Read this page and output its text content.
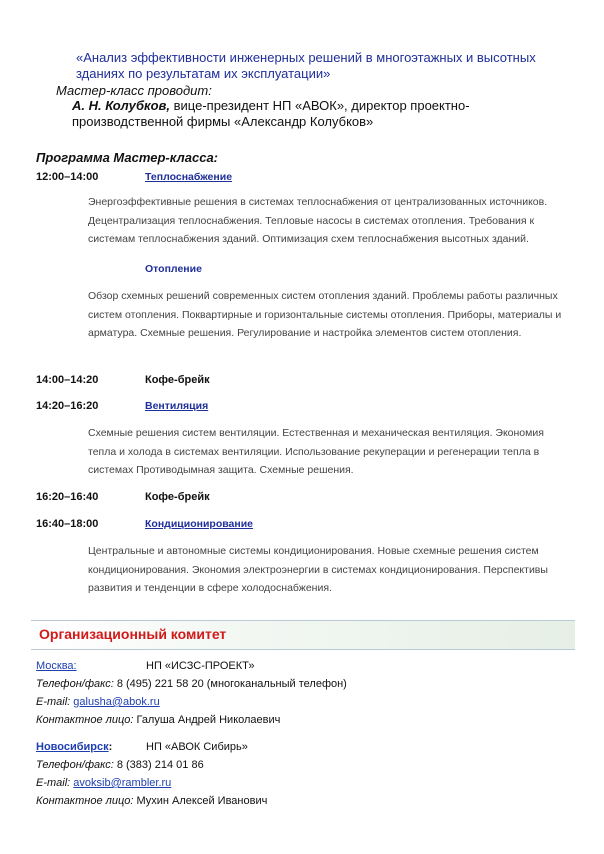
«Анализ эффективности инженерных решений в многоэтажных и высотных зданиях по результатам их эксплуатации»
Мастер-класс проводит:
А. Н. Колубков, вице-президент НП «АВОК», директор проектно-производственной фирмы «Александр Колубков»
Программа Мастер-класса:
12:00–14:00	Теплоснабжение
Энергоэффективные решения в системах теплоснабжения от централизованных источников. Децентрализация теплоснабжения. Тепловые насосы в системах отопления. Требования к системам теплоснабжения зданий. Оптимизация схем теплоснабжения высотных зданий.
Отопление
Обзор схемных решений современных систем отопления зданий. Проблемы работы различных систем отопления. Поквартирные и горизонтальные системы отопления. Приборы, материалы и арматура. Схемные решения. Регулирование и настройка элементов систем отопления.
14:00–14:20	Кофе-брейк
14:20–16:20	Вентиляция
Схемные решения систем вентиляции. Естественная и механическая вентиляция. Экономия тепла и холода в системах вентиляции. Использование рекуперации и регенерации тепла в системах Противодымная защита. Схемные решения.
16:20–16:40	Кофе-брейк
16:40–18:00	Кондиционирование
Центральные и автономные системы кондиционирования. Новые схемные решения систем кондиционирования. Экономия электроэнергии в системах кондиционирования. Перспективы развития и тенденции в сфере холодоснабжения.
Организационный комитет
Москва:	НП «ИСЗС-ПРОЕКТ»
Телефон/факс: 8 (495) 221 58 20 (многоканальный телефон)
E-mail: galusha@abok.ru
Контактное лицо: Галуша Андрей Николаевич
Новосибирск:	НП «АВОК Сибирь»
Телефон/факс: 8 (383) 214 01 86
E-mail: avoksib@rambler.ru
Контактное лицо: Мухин Алексей Иванович
